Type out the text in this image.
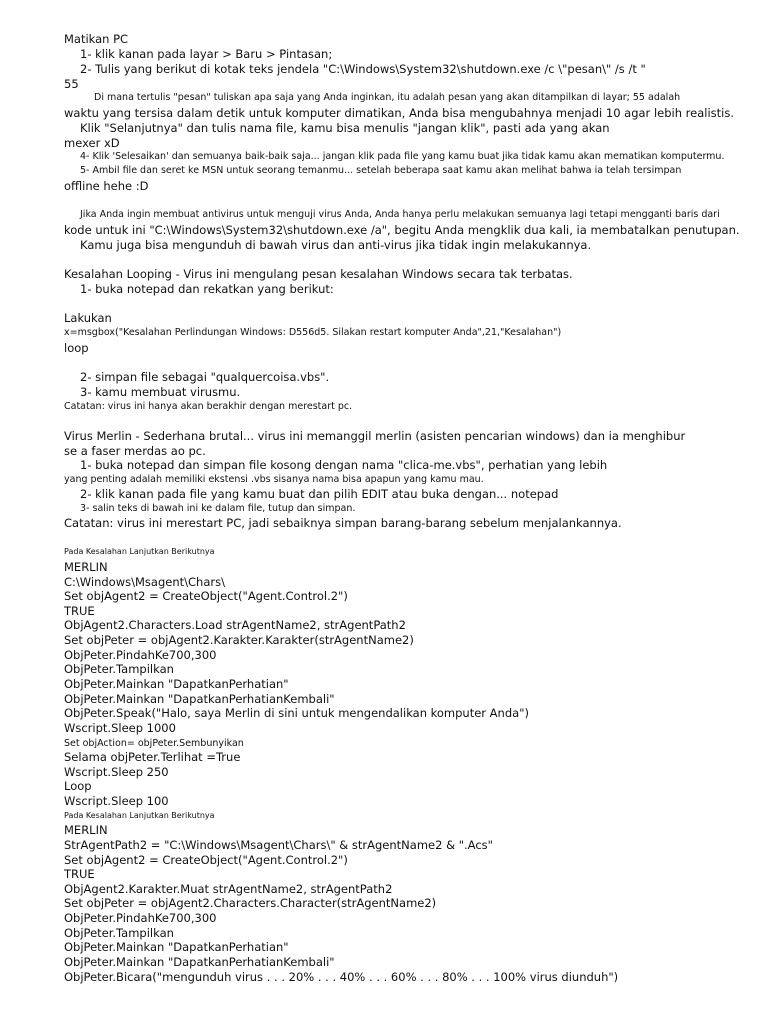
Matikan PC
1- klik kanan pada layar > Baru > Pintasan;
2- Tulis yang berikut di kotak teks jendela "C:\Windows\System32\shutdown.exe /c \"pesan\" /s /t "
55
Di mana tertulis "pesan" tuliskan apa saja yang Anda inginkan, itu adalah pesan yang akan ditampilkan di layar; 55 adalah
waktu yang tersisa dalam detik untuk komputer dimatikan, Anda bisa mengubahnya menjadi 10 agar lebih realistis.
Klik "Selanjutnya" dan tulis nama file, kamu bisa menulis "jangan klik", pasti ada yang akan
mexer xD
4- Klik 'Selesaikan' dan semuanya baik-baik saja... jangan klik pada file yang kamu buat jika tidak kamu akan mematikan komputermu.
5- Ambil file dan seret ke MSN untuk seorang temanmu... setelah beberapa saat kamu akan melihat bahwa ia telah tersimpan
offline hehe :D
Jika Anda ingin membuat antivirus untuk menguji virus Anda, Anda hanya perlu melakukan semuanya lagi tetapi mengganti baris dari
kode untuk ini "C:\Windows\System32\shutdown.exe /a", begitu Anda mengklik dua kali, ia membatalkan penutupan.
Kamu juga bisa mengunduh di bawah virus dan anti-virus jika tidak ingin melakukannya.
Kesalahan Looping - Virus ini mengulang pesan kesalahan Windows secara tak terbatas.
1- buka notepad dan rekatkan yang berikut:
Lakukan
x=msgbox("Kesalahan Perlindungan Windows: D556d5. Silakan restart komputer Anda",21,"Kesalahan")
loop
2- simpan file sebagai "qualquercoisa.vbs".
3- kamu membuat virusmu.
Catatan: virus ini hanya akan berakhir dengan merestart pc.
Virus Merlin - Sederhana brutal... virus ini memanggil merlin (asisten pencarian windows) dan ia menghibur
se a faser merdas ao pc.
1- buka notepad dan simpan file kosong dengan nama "clica-me.vbs", perhatian yang lebih
yang penting adalah memiliki ekstensi .vbs sisanya nama bisa apapun yang kamu mau.
2- klik kanan pada file yang kamu buat dan pilih EDIT atau buka dengan... notepad
3- salin teks di bawah ini ke dalam file, tutup dan simpan.
Catatan: virus ini merestart PC, jadi sebaiknya simpan barang-barang sebelum menjalankannya.
Pada Kesalahan Lanjutkan Berikutnya
MERLIN
C:\Windows\Msagent\Chars\
Set objAgent2 = CreateObject("Agent.Control.2")
TRUE
ObjAgent2.Characters.Load strAgentName2, strAgentPath2
Set objPeter = objAgent2.Karakter.Karakter(strAgentName2)
ObjPeter.PindahKe700,300
ObjPeter.Tampilkan
ObjPeter.Mainkan "DapatkanPerhatian"
ObjPeter.Mainkan "DapatkanPerhatianKembali"
ObjPeter.Speak("Halo, saya Merlin di sini untuk mengendalikan komputer Anda")
Wscript.Sleep 1000
Set objAction= objPeter.Sembunyikan
Selama objPeter.Terlihat =True
Wscript.Sleep 250
Loop
Wscript.Sleep 100
Pada Kesalahan Lanjutkan Berikutnya
MERLIN
StrAgentPath2 = "C:\Windows\Msagent\Chars\" & strAgentName2 & ".Acs"
Set objAgent2 = CreateObject("Agent.Control.2")
TRUE
ObjAgent2.Karakter.Muat strAgentName2, strAgentPath2
Set objPeter = objAgent2.Characters.Character(strAgentName2)
ObjPeter.PindahKe700,300
ObjPeter.Tampilkan
ObjPeter.Mainkan "DapatkanPerhatian"
ObjPeter.Mainkan "DapatkanPerhatianKembali"
ObjPeter.Bicara("mengunduh virus . . . 20% . . . 40% . . . 60% . . . 80% . . . 100% virus diunduh")
